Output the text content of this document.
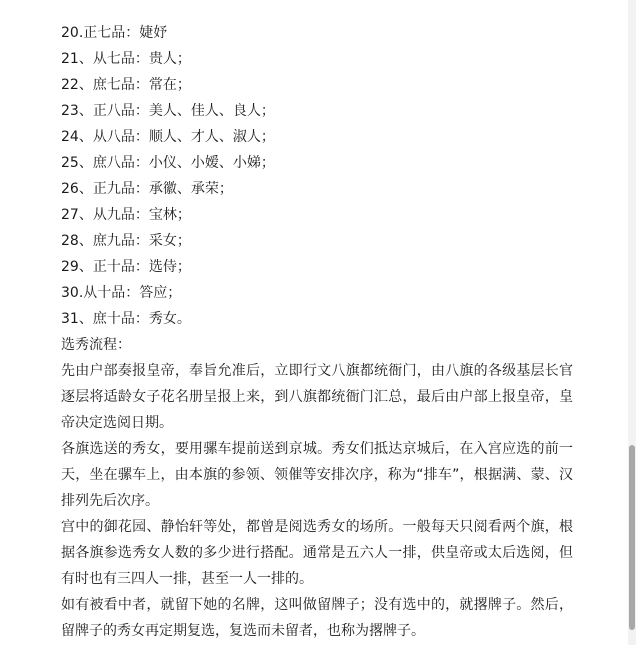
20.正七品：婕妤
21、从七品：贵人；
22、庶七品：常在；
23、正八品：美人、佳人、良人；
24、从八品：顺人、才人、淑人；
25、庶八品：小仪、小嫒、小娣；
26、正九品：承徽、承荣；
27、从九品：宝林；
28、庶九品：采女；
29、正十品：选侍；
30.从十品：答应；
31、庶十品：秀女。
选秀流程：
先由户部奏报皇帝，奉旨允准后，立即行文八旗都统衙门，由八旗的各级基层长官逐层将适龄女子花名册呈报上来，到八旗都统衙门汇总，最后由户部上报皇帝，皇帝决定选阅日期。
各旗选送的秀女，要用骡车提前送到京城。秀女们抵达京城后，在入宫应选的前一天，坐在骡车上，由本旗的参领、领催等安排次序，称为“排车”，根据满、蒙、汉排列先后次序。
宫中的御花园、静怡轩等处，都曾是阅选秀女的场所。一般每天只阅看两个旗，根据各旗参选秀女人数的多少进行搭配。通常是五六人一排，供皇帝或太后选阅，但有时也有三四人一排，甚至一人一排的。
如有被看中者，就留下她的名牌，这叫做留牌子；没有选中的，就撂牌子。然后，留牌子的秀女再定期复选，复选而未留者，也称为撂牌子。
